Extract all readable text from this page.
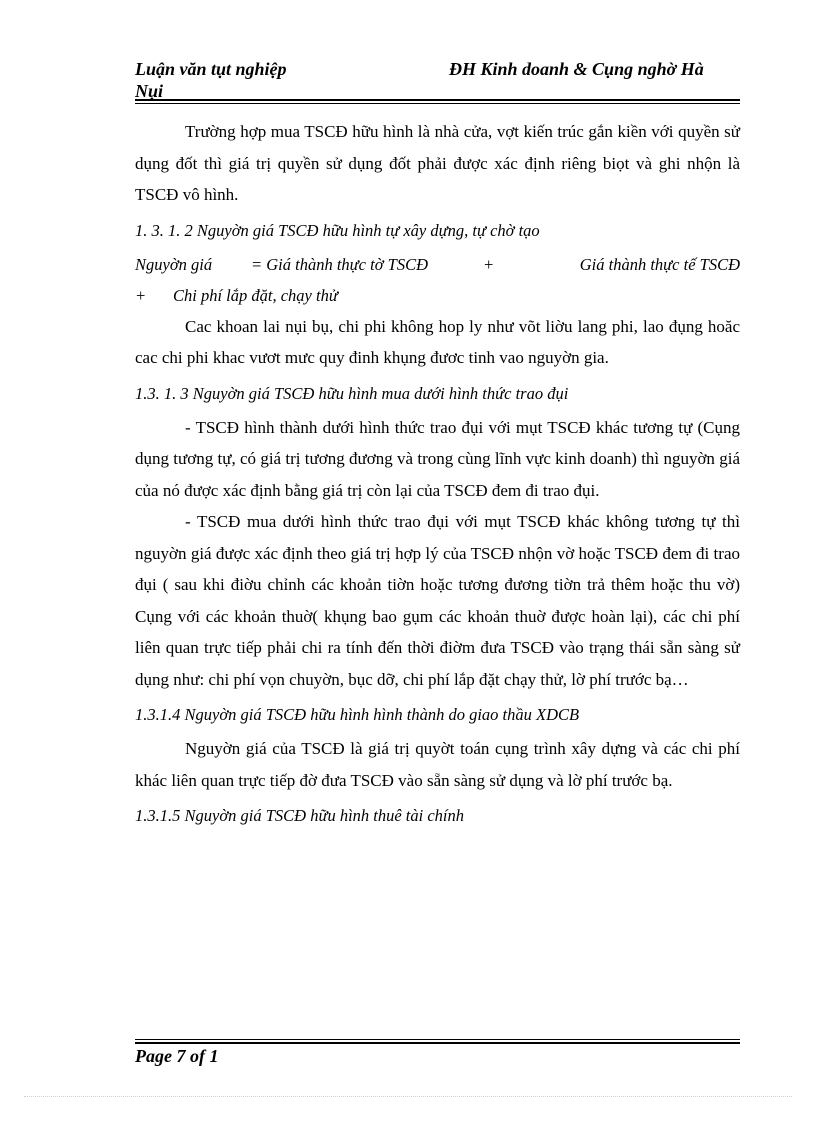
Luận văn tụt nghiệp
Nụi
ĐH Kinh doanh & Cụng nghờ Hà

Trường hợp mua TSCĐ hữu hình là nhà cửa, vợt kiến trúc gắn kiền với quyền sử dụng đốt thì giá trị quyền sử dụng đốt phải được xác định riêng biọt và ghi nhộn là TSCĐ vô hình.

1. 3. 1. 2 Nguyờn giá TSCĐ hữu hình tự xây dựng, tự chờ tạo

Nguyờn giá	= Giá thành thực tờ TSCĐ	+	Giá thành thực tế TSCĐ
+	Chi phí lắp đặt, chạy thử

Cac khoan lai nụi bụ, chi phi không hop ly như võt liờu lang phi, lao đụng hoăc cac chi phi khac vươt mưc quy đinh khụng đươc tinh vao nguyờn gia.

1.3. 1. 3 Nguyờn giá TSCĐ hữu hình mua dưới hình thức trao đụi

- TSCĐ hình thành dưới hình thức trao đụi với mụt TSCĐ khác tương tự (Cụng dụng tương tự, có giá trị tương đương và trong cùng lĩnh vực kinh doanh) thì nguyờn giá của nó được xác định bằng giá trị còn lại của TSCĐ đem đi trao đụi.

- TSCĐ mua dưới hình thức trao đụi với mụt TSCĐ khác không tương tự thì nguyờn giá được xác định theo giá trị hợp lý của TSCĐ nhộn vờ hoặc TSCĐ đem đi trao đụi ( sau khi điờu chỉnh các khoản tiờn hoặc tương đương tiờn trả thêm hoặc thu vờ) Cụng với các khoản thuờ( khụng bao gụm các khoản thuờ được hoàn lại), các chi phí liên quan trực tiếp phải chi ra tính đến thời điờm đưa TSCĐ vào trạng thái sẵn sàng sử dụng như: chi phí vọn chuyờn, bục dỡ, chi phí lắp đặt chạy thử, lờ phí trước bạ…

1.3.1.4 Nguyờn giá TSCĐ hữu hình hình thành do giao thầu XDCB

Nguyờn giá của TSCĐ là giá trị quyờt toán cụng trình xây dựng và các chi phí khác liên quan trực tiếp đờ đưa TSCĐ vào sẵn sàng sử dụng và lờ phí trước bạ.

1.3.1.5 Nguyờn giá TSCĐ hữu hình thuê tài chính

Page 7 of 1
